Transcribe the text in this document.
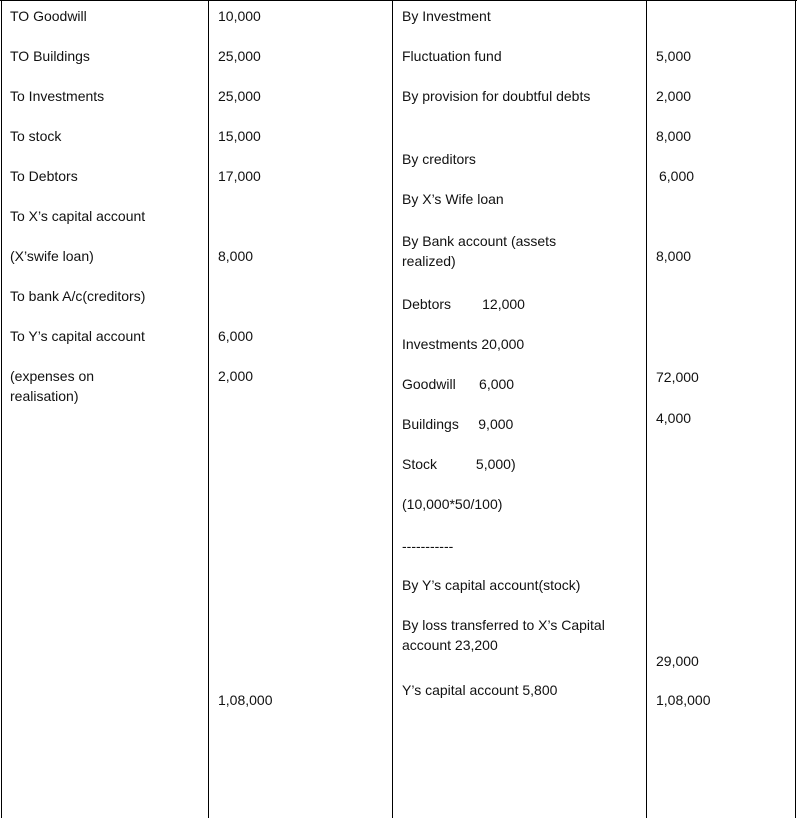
TO Goodwill
TO Buildings
To Investments
To stock
To Debtors
To X’s capital account
(X’swife loan)
To bank A/c(creditors)
To Y’s capital account
(expenses on realisation)
10,000
25,000
25,000
15,000
17,000
8,000
6,000
2,000
1,08,000
By Investment
Fluctuation fund
By provision for doubtful debts
By creditors
By X’s Wife loan
By Bank account (assets realized)
Debtors        12,000
Investments 20,000
Goodwill      6,000
Buildings     9,000
Stock          5,000)
(10,000*50/100)
-----------
By Y’s capital account(stock)
By loss transferred to X’s Capital account 23,200
Y’s capital account 5,800
5,000
2,000
8,000
6,000
8,000
72,000
4,000
29,000
1,08,000
